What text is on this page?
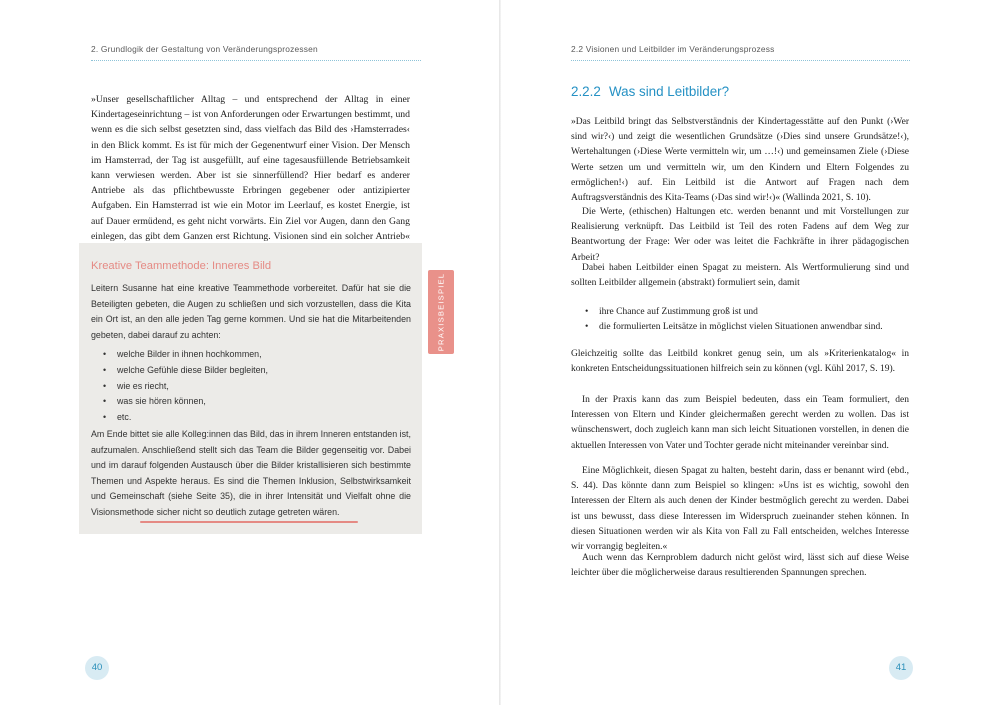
2. Grundlogik der Gestaltung von Veränderungsprozessen

»Unser gesellschaftlicher Alltag – und entsprechend der Alltag in einer Kindertageseinrichtung – ist von Anforderungen oder Erwartungen bestimmt, und wenn es die sich selbst gesetzten sind, dass vielfach das Bild des ›Hamsterrades‹ in den Blick kommt. Es ist für mich der Gegenentwurf einer Vision. Der Mensch im Hamsterrad, der Tag ist ausgefüllt, auf eine tagesausfüllende Betriebsamkeit kann verwiesen werden. Aber ist sie sinnerfüllend? Hier bedarf es anderer Antriebe als das pflichtbewusste Erbringen gegebener oder antizipierter Aufgaben. Ein Hamsterrad ist wie ein Motor im Leerlauf, es kostet Energie, ist auf Dauer ermüdend, es geht nicht vorwärts. Ein Ziel vor Augen, dann den Gang einlegen, das gibt dem Ganzen erst Richtung. Visionen sind ein solcher Antrieb«

Kreative Teammethode: Inneres Bild

Leitern Susanne hat eine kreative Teammethode vorbereitet. Dafür hat sie die Beteiligten gebeten, die Augen zu schließen und sich vorzustellen, dass die Kita ein Ort ist, an den alle jeden Tag gerne kommen. Und sie hat die Mitarbeitenden gebeten, dabei darauf zu achten:

• welche Bilder in ihnen hochkommen,
• welche Gefühle diese Bilder begleiten,
• wie es riecht,
• was sie hören können,
• etc.

Am Ende bittet sie alle Kolleg:innen das Bild, das in ihrem Inneren entstanden ist, aufzumalen. Anschließend stellt sich das Team die Bilder gegenseitig vor. Dabei und im darauf folgenden Austausch über die Bilder kristallisieren sich bestimmte Themen und Aspekte heraus. Es sind die Themen Inklusion, Selbstwirksamkeit und Gemeinschaft (siehe Seite 35), die in ihrer Intensität und Vielfalt ohne die Visionsmethode sicher nicht so deutlich zutage getreten wären.

PRAXISBEISPIEL
40
2.2 Visionen und Leitbilder im Veränderungsprozess
2.2.2 Was sind Leitbilder?

»Das Leitbild bringt das Selbstverständnis der Kindertagesstätte auf den Punkt (›Wer sind wir?‹) und zeigt die wesentlichen Grundsätze (›Dies sind unsere Grundsätze!‹), Wertehaltungen (›Diese Werte vermitteln wir, um …!‹) und gemeinsamen Ziele (›Diese Werte setzen um und vermitteln wir, um den Kindern und Eltern Folgendes zu ermöglichen!‹) auf. Ein Leitbild ist die Antwort auf Fragen nach dem Auftragsverständnis des Kita-Teams (›Das sind wir!‹)« (Wallinda 2021, S. 10).

Die Werte, (ethischen) Haltungen etc. werden benannt und mit Vorstellungen zur Realisierung verknüpft. Das Leitbild ist Teil des roten Fadens auf dem Weg zur Beantwortung der Frage: Wer oder was leitet die Fachkräfte in ihrer pädagogischen Arbeit?

Dabei haben Leitbilder einen Spagat zu meistern. Als Wertformulierung sind und sollten Leitbilder allgemein (abstrakt) formuliert sein, damit

• ihre Chance auf Zustimmung groß ist und
• die formulierten Leitsätze in möglichst vielen Situationen anwendbar sind.

Gleichzeitig sollte das Leitbild konkret genug sein, um als »Kriterienkatalog« in konkreten Entscheidungssituationen hilfreich sein zu können (vgl. Kühl 2017, S. 19).

In der Praxis kann das zum Beispiel bedeuten, dass ein Team formuliert, den Interessen von Eltern und Kinder gleichermaßen gerecht werden zu wollen. Das ist wünschenswert, doch zugleich kann man sich leicht Situationen vorstellen, in denen die aktuellen Interessen von Vater und Tochter gerade nicht miteinander vereinbar sind.

Eine Möglichkeit, diesen Spagat zu halten, besteht darin, dass er benannt wird (ebd., S. 44). Das könnte dann zum Beispiel so klingen: »Uns ist es wichtig, sowohl den Interessen der Eltern als auch denen der Kinder bestmöglich gerecht zu werden. Dabei ist uns bewusst, dass diese Interessen im Widerspruch zueinander stehen können. In diesen Situationen werden wir als Kita von Fall zu Fall entscheiden, welches Interesse wir vorrangig begleiten.«

Auch wenn das Kernproblem dadurch nicht gelöst wird, lässt sich auf diese Weise leichter über die möglicherweise daraus resultierenden Spannungen sprechen.

41
